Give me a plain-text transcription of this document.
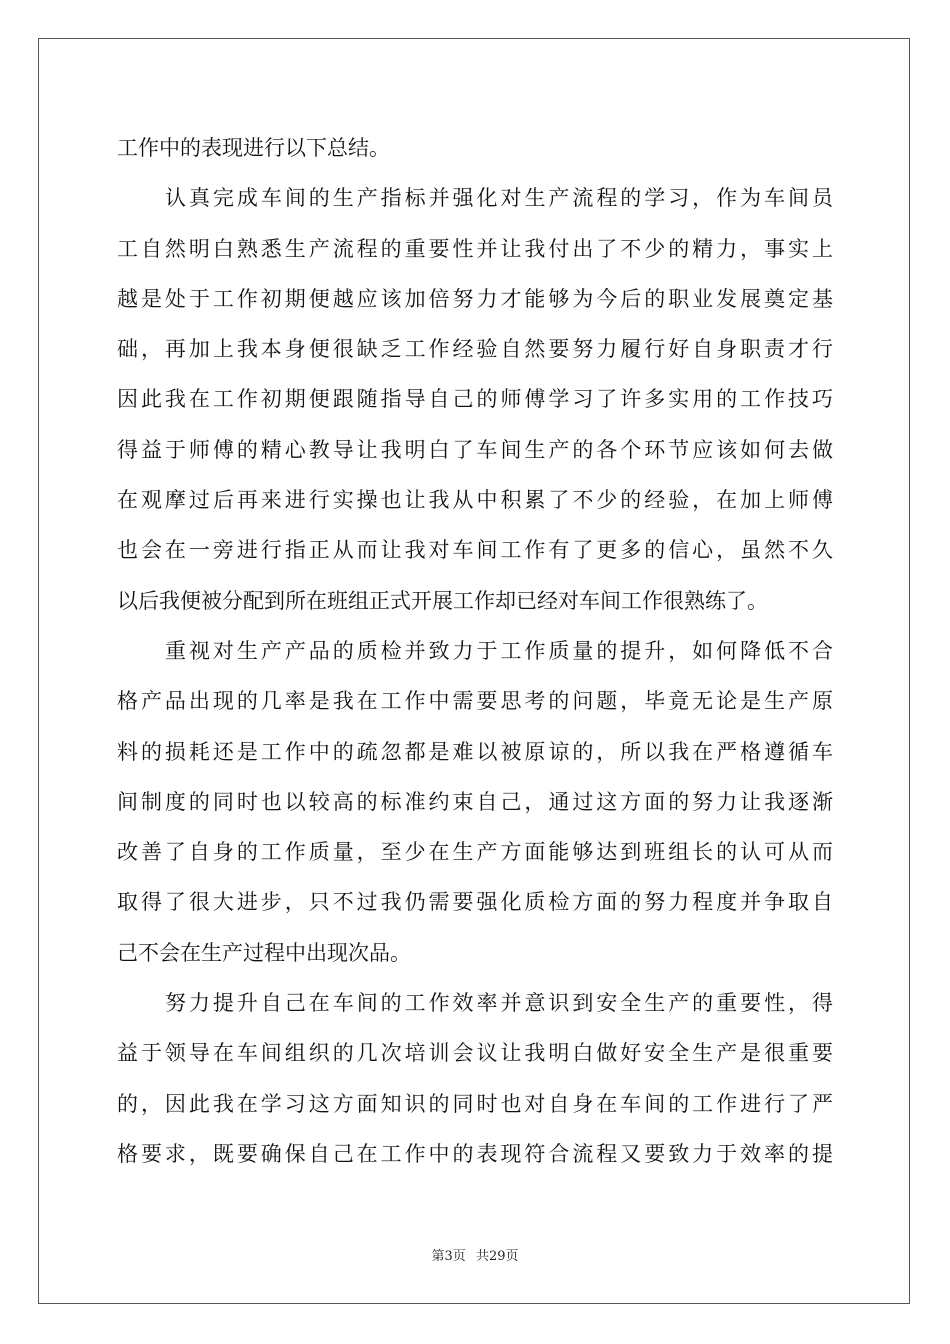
工作中的表现进行以下总结。
认真完成车间的生产指标并强化对生产流程的学习，作为车间员
工自然明白熟悉生产流程的重要性并让我付出了不少的精力，事实上
越是处于工作初期便越应该加倍努力才能够为今后的职业发展奠定基
础，再加上我本身便很缺乏工作经验自然要努力履行好自身职责才行
因此我在工作初期便跟随指导自己的师傅学习了许多实用的工作技巧
得益于师傅的精心教导让我明白了车间生产的各个环节应该如何去做
在观摩过后再来进行实操也让我从中积累了不少的经验，在加上师傅
也会在一旁进行指正从而让我对车间工作有了更多的信心，虽然不久
以后我便被分配到所在班组正式开展工作却已经对车间工作很熟练了。
重视对生产产品的质检并致力于工作质量的提升，如何降低不合
格产品出现的几率是我在工作中需要思考的问题，毕竟无论是生产原
料的损耗还是工作中的疏忽都是难以被原谅的，所以我在严格遵循车
间制度的同时也以较高的标准约束自己，通过这方面的努力让我逐渐
改善了自身的工作质量，至少在生产方面能够达到班组长的认可从而
取得了很大进步，只不过我仍需要强化质检方面的努力程度并争取自
己不会在生产过程中出现次品。
努力提升自己在车间的工作效率并意识到安全生产的重要性，得
益于领导在车间组织的几次培训会议让我明白做好安全生产是很重要
的，因此我在学习这方面知识的同时也对自身在车间的工作进行了严
格要求，既要确保自己在工作中的表现符合流程又要致力于效率的提
第3页 共29页
